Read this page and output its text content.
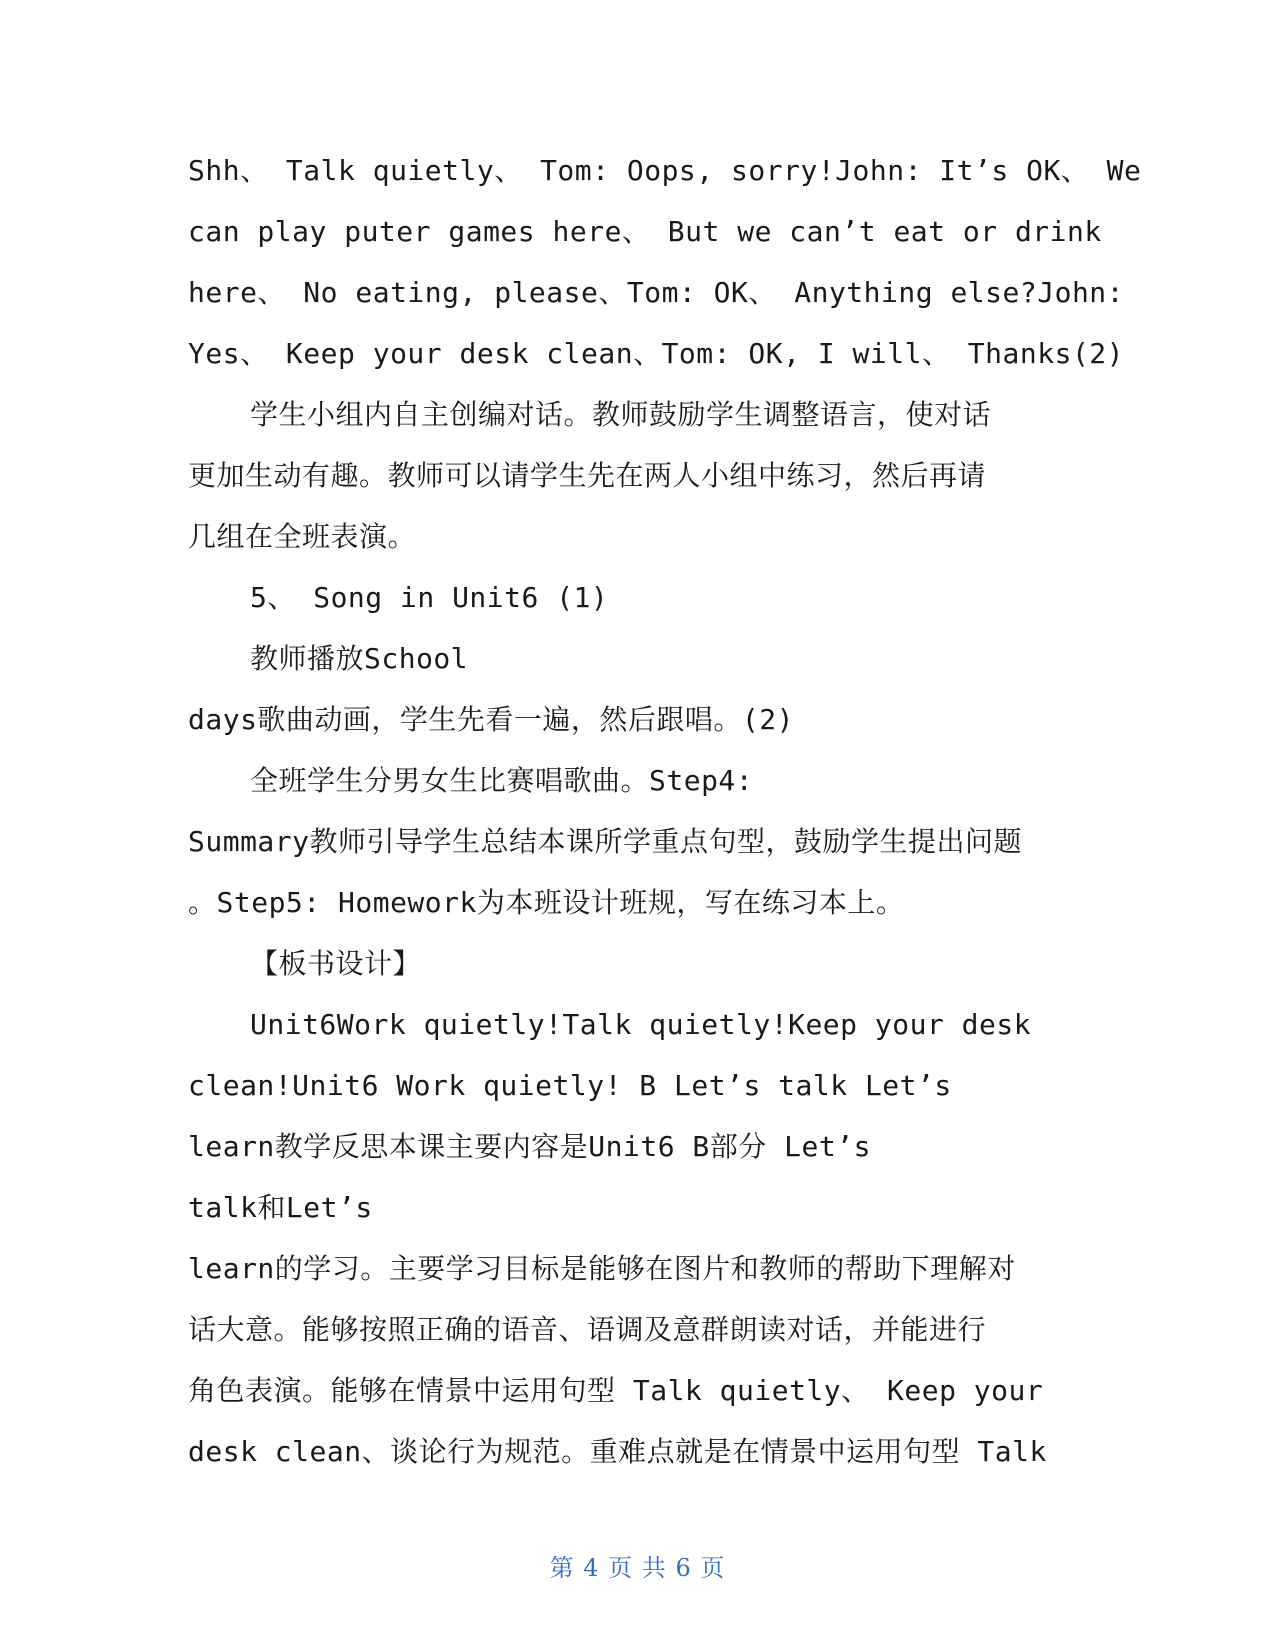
Shh、 Talk quietly、 Tom: Oops, sorry!John: It’s OK、 We
can play puter games here、 But we can’t eat or drink
here、 No eating, please、Tom: OK、 Anything else?John:
Yes、 Keep your desk clean、Tom: OK, I will、 Thanks(2)
学生小组内自主创编对话。教师鼓励学生调整语言，使对话
更加生动有趣。教师可以请学生先在两人小组中练习，然后再请
几组在全班表演。
5、 Song in Unit6 (1)
教师播放School
days歌曲动画，学生先看一遍，然后跟唱。(2)
全班学生分男女生比赛唱歌曲。Step4:
Summary教师引导学生总结本课所学重点句型，鼓励学生提出问题
。Step5: Homework为本班设计班规，写在练习本上。
【板书设计】
Unit6Work quietly!Talk quietly!Keep your desk
clean!Unit6 Work quietly! B Let’s talk Let’s
learn教学反思本课主要内容是Unit6 B部分 Let’s
talk和Let’s
learn的学习。主要学习目标是能够在图片和教师的帮助下理解对
话大意。能够按照正确的语音、语调及意群朗读对话，并能进行
角色表演。能够在情景中运用句型 Talk quietly、 Keep your
desk clean、谈论行为规范。重难点就是在情景中运用句型 Talk
第 4 页 共 6 页
